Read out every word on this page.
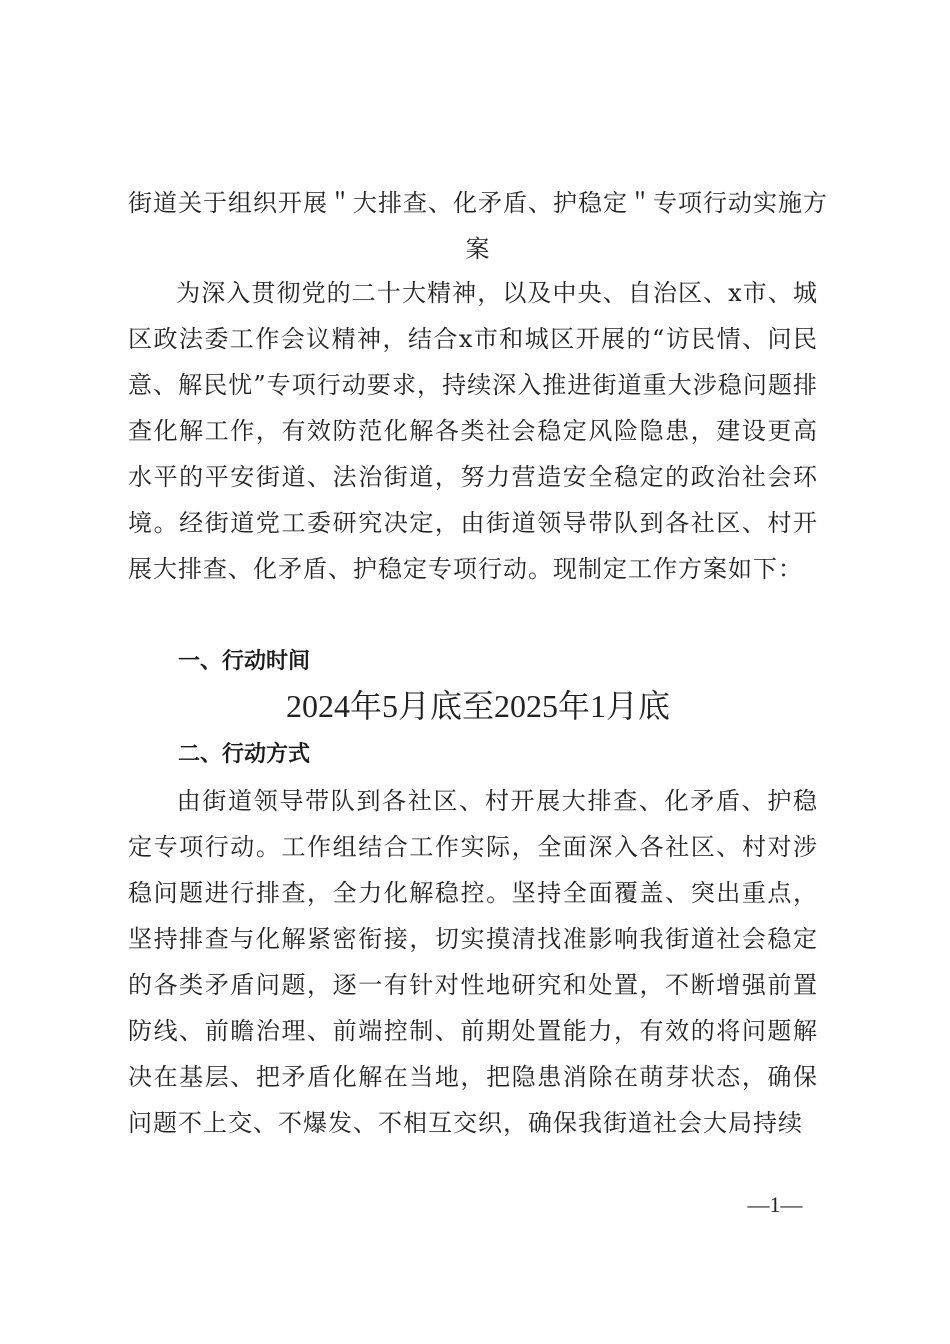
街道关于组织开展＂大排查、化矛盾、护稳定＂专项行动实施方案
为深入贯彻党的二十大精神，以及中央、自治区、x市、城区政法委工作会议精神，结合x市和城区开展的“访民情、问民意、解民忧”专项行动要求，持续深入推进街道重大涉稳问题排查化解工作，有效防范化解各类社会稳定风险隐患，建设更高水平的平安街道、法治街道，努力营造安全稳定的政治社会环境。经街道党工委研究决定，由街道领导带队到各社区、村开展大排查、化矛盾、护稳定专项行动。现制定工作方案如下：
一、行动时间
2024年5月底至2025年1月底
二、行动方式
由街道领导带队到各社区、村开展大排查、化矛盾、护稳定专项行动。工作组结合工作实际，全面深入各社区、村对涉稳问题进行排查，全力化解稳控。坚持全面覆盖、突出重点，坚持排查与化解紧密衔接，切实摸清找准影响我街道社会稳定的各类矛盾问题，逐一有针对性地研究和处置，不断增强前置防线、前瞻治理、前端控制、前期处置能力，有效的将问题解决在基层、把矛盾化解在当地，把隐患消除在萌芽状态，确保问题不上交、不爆发、不相互交织，确保我街道社会大局持续
—1—
